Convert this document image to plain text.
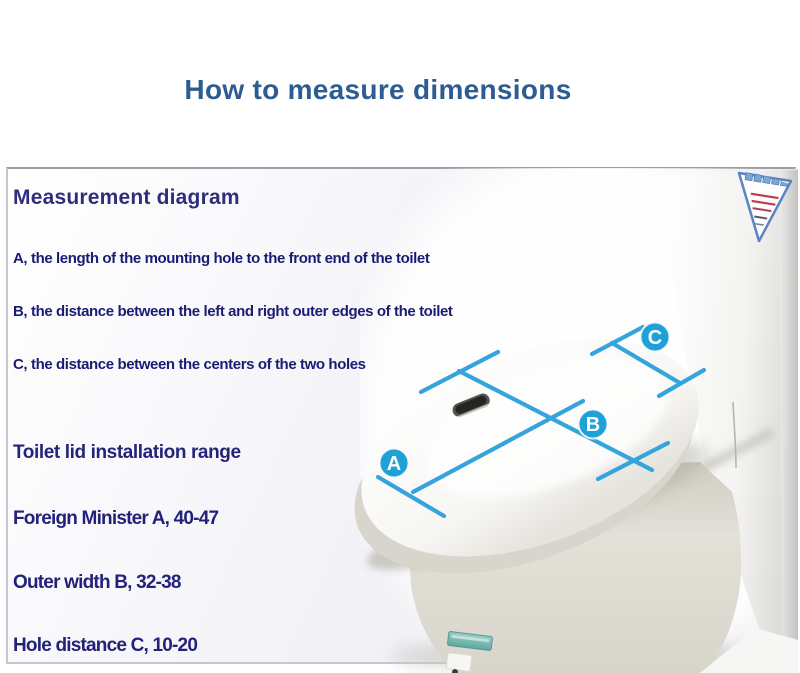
How to measure dimensions
A
B
C
Measurement diagram

A, the length of the mounting hole to the front end of the toilet

B, the distance between the left and right outer edges of the toilet

C, the distance between the centers of the two holes

Toilet lid installation range

Foreign Minister A, 40-47

Outer width B, 32-38

Hole distance C, 10-20
